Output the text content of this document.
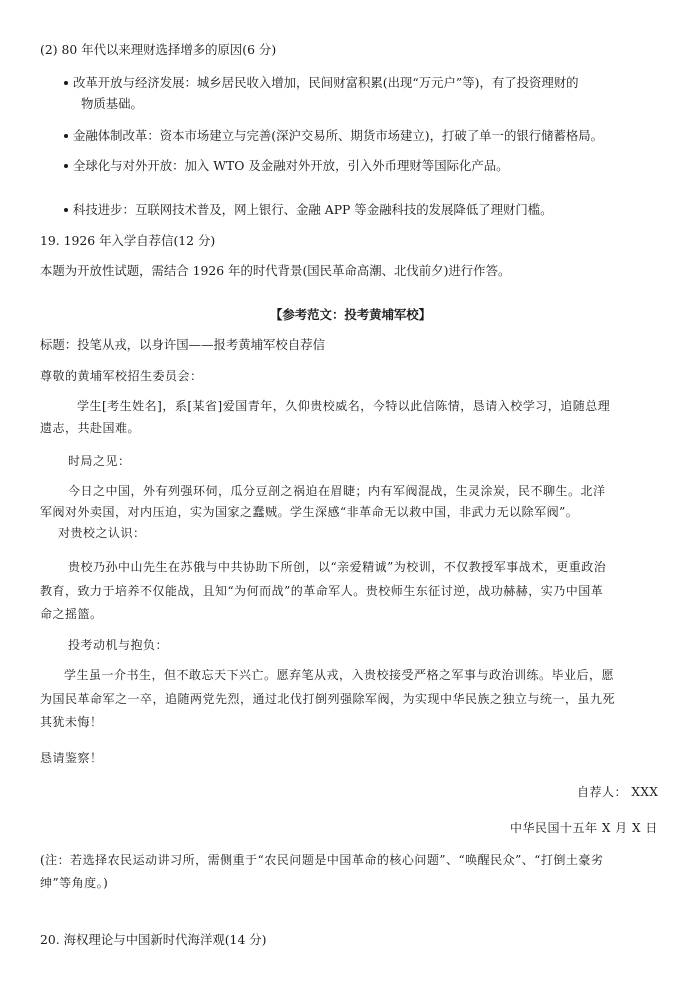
(2) 80 年代以来理财选择增多的原因(6 分)
改革开放与经济发展：城乡居民收入增加，民间财富积累(出现“万元户”等)，有了投资理财的
物质基础。
金融体制改革：资本市场建立与完善(深沪交易所、期货市场建立)，打破了单一的银行储蓄格局。
全球化与对外开放：加入 WTO 及金融对外开放，引入外币理财等国际化产品。
科技进步：互联网技术普及，网上银行、金融 APP 等金融科技的发展降低了理财门槛。
19. 1926 年入学自荐信(12 分)
本题为开放性试题，需结合 1926 年的时代背景(国民革命高潮、北伐前夕)进行作答。
【参考范文：投考黄埔军校】
标题：投笔从戎，以身许国——报考黄埔军校自荐信
尊敬的黄埔军校招生委员会：
学生[考生姓名]，系[某省]爱国青年，久仰贵校威名，今特以此信陈情，恳请入校学习，追随总理
遗志，共赴国难。
时局之见：
今日之中国，外有列强环伺，瓜分豆剖之祸迫在眉睫；内有军阀混战，生灵涂炭，民不聊生。北洋
军阀对外卖国，对内压迫，实为国家之蠢贼。学生深感“非革命无以救中国，非武力无以除军阀”。
对贵校之认识：
贵校乃孙中山先生在苏俄与中共协助下所创，以“亲爱精诚”为校训，不仅教授军事战术，更重政治
教育，致力于培养不仅能战，且知“为何而战”的革命军人。贵校师生东征讨逆，战功赫赫，实乃中国革
命之摇篮。
投考动机与抱负：
学生虽一介书生，但不敢忘天下兴亡。愿弃笔从戎，入贵校接受严格之军事与政治训练。毕业后，愿
为国民革命军之一卒，追随两党先烈，通过北伐打倒列强除军阀，为实现中华民族之独立与统一，虽九死
其犹未悔！
恳请鉴察！
自荐人： XXX
中华民国十五年 X 月 X 日
(注：若选择农民运动讲习所，需侧重于“农民问题是中国革命的核心问题”、“唤醒民众”、“打倒土豪劣
绅”等角度。)
20. 海权理论与中国新时代海洋观(14 分)
